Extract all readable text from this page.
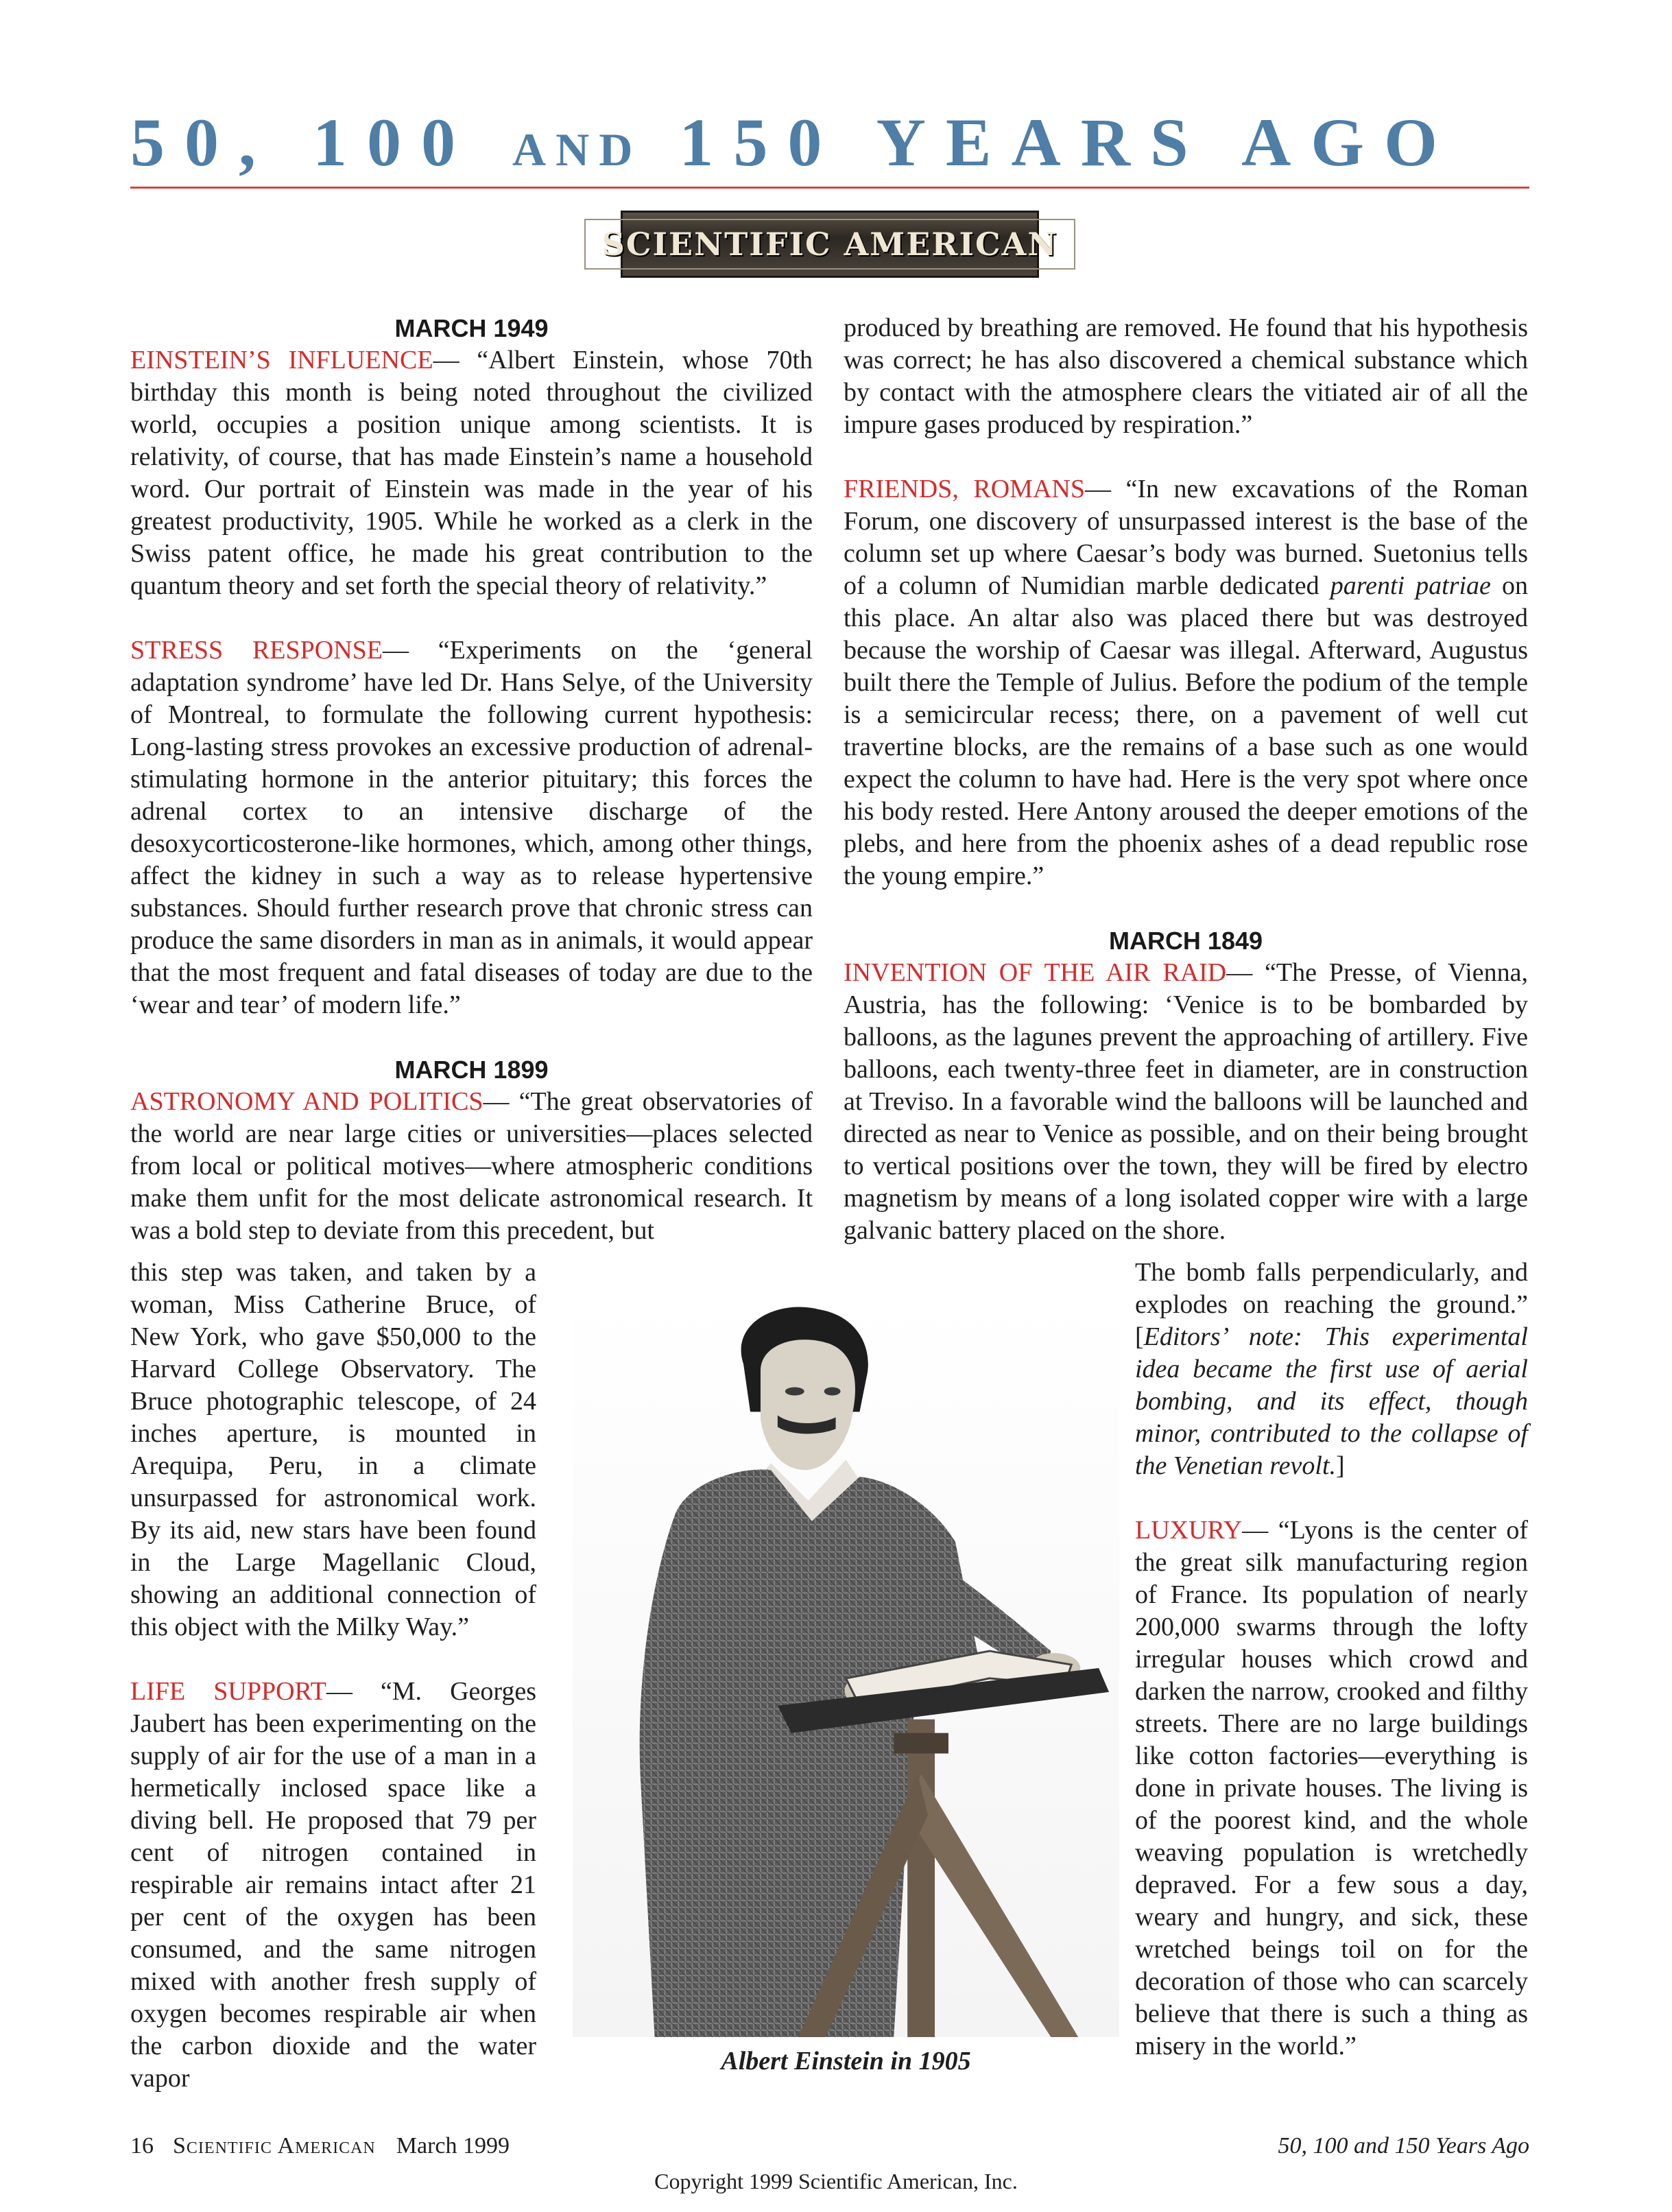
50, 100 AND 150 YEARS AGO
SCIENTIFIC AMERICAN
MARCH 1949

EINSTEIN’S INFLUENCE— “Albert Einstein, whose 70th birthday this month is being noted throughout the civilized world, occupies a position unique among scientists. It is relativity, of course, that has made Einstein’s name a household word. Our portrait of Einstein was made in the year of his greatest productivity, 1905. While he worked as a clerk in the Swiss patent office, he made his great contribution to the quantum theory and set forth the special theory of relativity.”

STRESS RESPONSE— “Experiments on the ‘general adaptation syndrome’ have led Dr. Hans Selye, of the University of Montreal, to formulate the following current hypothesis: Long-lasting stress provokes an excessive production of adrenal-stimulating hormone in the anterior pituitary; this forces the adrenal cortex to an intensive discharge of the desoxycorticosterone-like hormones, which, among other things, affect the kidney in such a way as to release hypertensive substances. Should further research prove that chronic stress can produce the same disorders in man as in animals, it would appear that the most frequent and fatal diseases of today are due to the ‘wear and tear’ of modern life.”

MARCH 1899

ASTRONOMY AND POLITICS— “The great observatories of the world are near large cities or universities—places selected from local or political motives—where atmospheric conditions make them unfit for the most delicate astronomical research. It was a bold step to deviate from this precedent, but

produced by breathing are removed. He found that his hypothesis was correct; he has also discovered a chemical substance which by contact with the atmosphere clears the vitiated air of all the impure gases produced by respiration.”

FRIENDS, ROMANS— “In new excavations of the Roman Forum, one discovery of unsurpassed interest is the base of the column set up where Caesar’s body was burned. Suetonius tells of a column of Numidian marble dedicated parenti patriae on this place. An altar also was placed there but was destroyed because the worship of Caesar was illegal. Afterward, Augustus built there the Temple of Julius. Before the podium of the temple is a semicircular recess; there, on a pavement of well cut travertine blocks, are the remains of a base such as one would expect the column to have had. Here is the very spot where once his body rested. Here Antony aroused the deeper emotions of the plebs, and here from the phoenix ashes of a dead republic rose the young empire.”

MARCH 1849

INVENTION OF THE AIR RAID— “The Presse, of Vienna, Austria, has the following: ‘Venice is to be bombarded by balloons, as the lagunes prevent the approaching of artillery. Five balloons, each twenty-three feet in diameter, are in construction at Treviso. In a favorable wind the balloons will be launched and directed as near to Venice as possible, and on their being brought to vertical positions over the town, they will be fired by electro magnetism by means of a long isolated copper wire with a large galvanic battery placed on the shore.

this step was taken, and taken by a woman, Miss Catherine Bruce, of New York, who gave $50,000 to the Harvard College Observatory. The Bruce photographic telescope, of 24 inches aperture, is mounted in Arequipa, Peru, in a climate unsurpassed for astronomical work. By its aid, new stars have been found in the Large Magellanic Cloud, showing an additional connection of this object with the Milky Way.”

LIFE SUPPORT— “M. Georges Jaubert has been experimenting on the supply of air for the use of a man in a hermetically inclosed space like a diving bell. He proposed that 79 per cent of nitrogen contained in respirable air remains intact after 21 per cent of the oxygen has been consumed, and the same nitrogen mixed with another fresh supply of oxygen becomes respirable air when the carbon dioxide and the water vapor

Albert Einstein in 1905

The bomb falls perpendicularly, and explodes on reaching the ground.” [Editors’ note: This experimental idea became the first use of aerial bombing, and its effect, though minor, contributed to the collapse of the Venetian revolt.]

LUXURY— “Lyons is the center of the great silk manufacturing region of France. Its population of nearly 200,000 swarms through the lofty irregular houses which crowd and darken the narrow, crooked and filthy streets. There are no large buildings like cotton factories—everything is done in private houses. The living is of the poorest kind, and the whole weaving population is wretchedly depraved. For a few sous a day, weary and hungry, and sick, these wretched beings toil on for the decoration of those who can scarcely believe that there is such a thing as misery in the world.”

16 Scientific American March 1999	50, 100 and 150 Years Ago
Copyright 1999 Scientific American, Inc.
